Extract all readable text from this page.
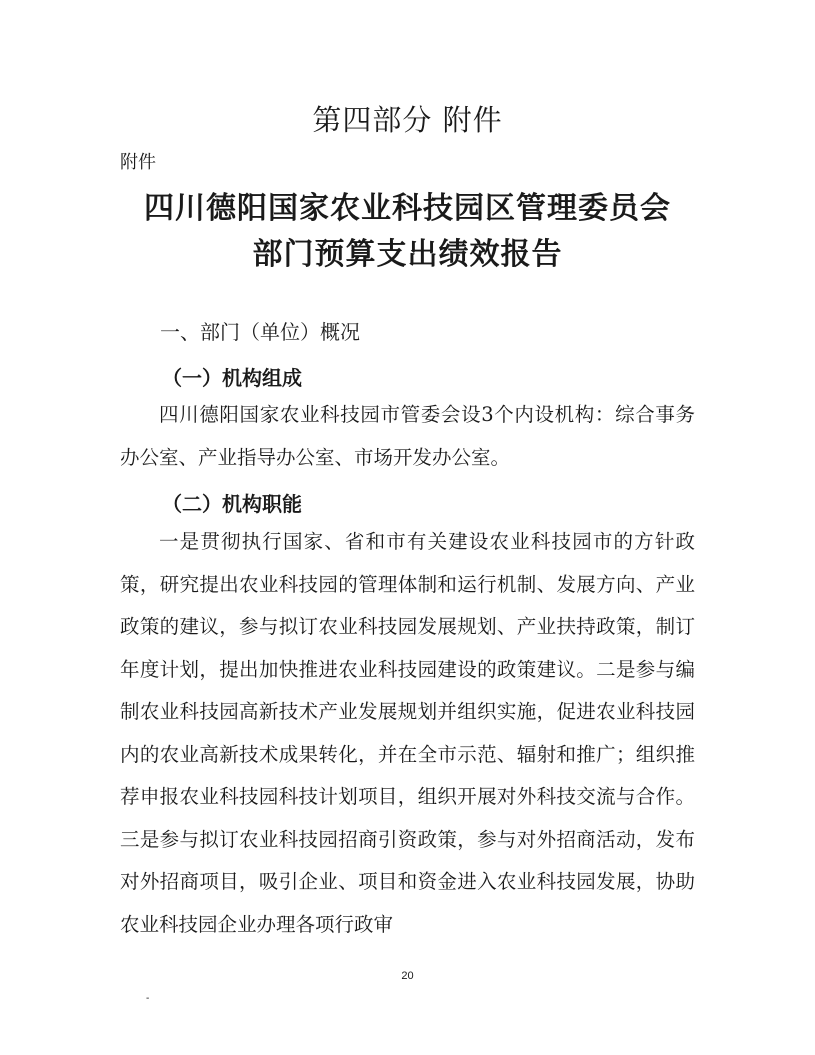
第四部分 附件
附件
四川德阳国家农业科技园区管理委员会
部门预算支出绩效报告
一、部门（单位）概况
（一）机构组成

四川德阳国家农业科技园市管委会设3个内设机构：综合事务办公室、产业指导办公室、市场开发办公室。

（二）机构职能

一是贯彻执行国家、省和市有关建设农业科技园市的方针政策，研究提出农业科技园的管理体制和运行机制、发展方向、产业政策的建议，参与拟订农业科技园发展规划、产业扶持政策，制订年度计划，提出加快推进农业科技园建设的政策建议。二是参与编制农业科技园高新技术产业发展规划并组织实施，促进农业科技园内的农业高新技术成果转化，并在全市示范、辐射和推广；组织推荐申报农业科技园科技计划项目，组织开展对外科技交流与合作。三是参与拟订农业科技园招商引资政策，参与对外招商活动，发布对外招商项目，吸引企业、项目和资金进入农业科技园发展，协助农业科技园企业办理各项行政审

20
-
